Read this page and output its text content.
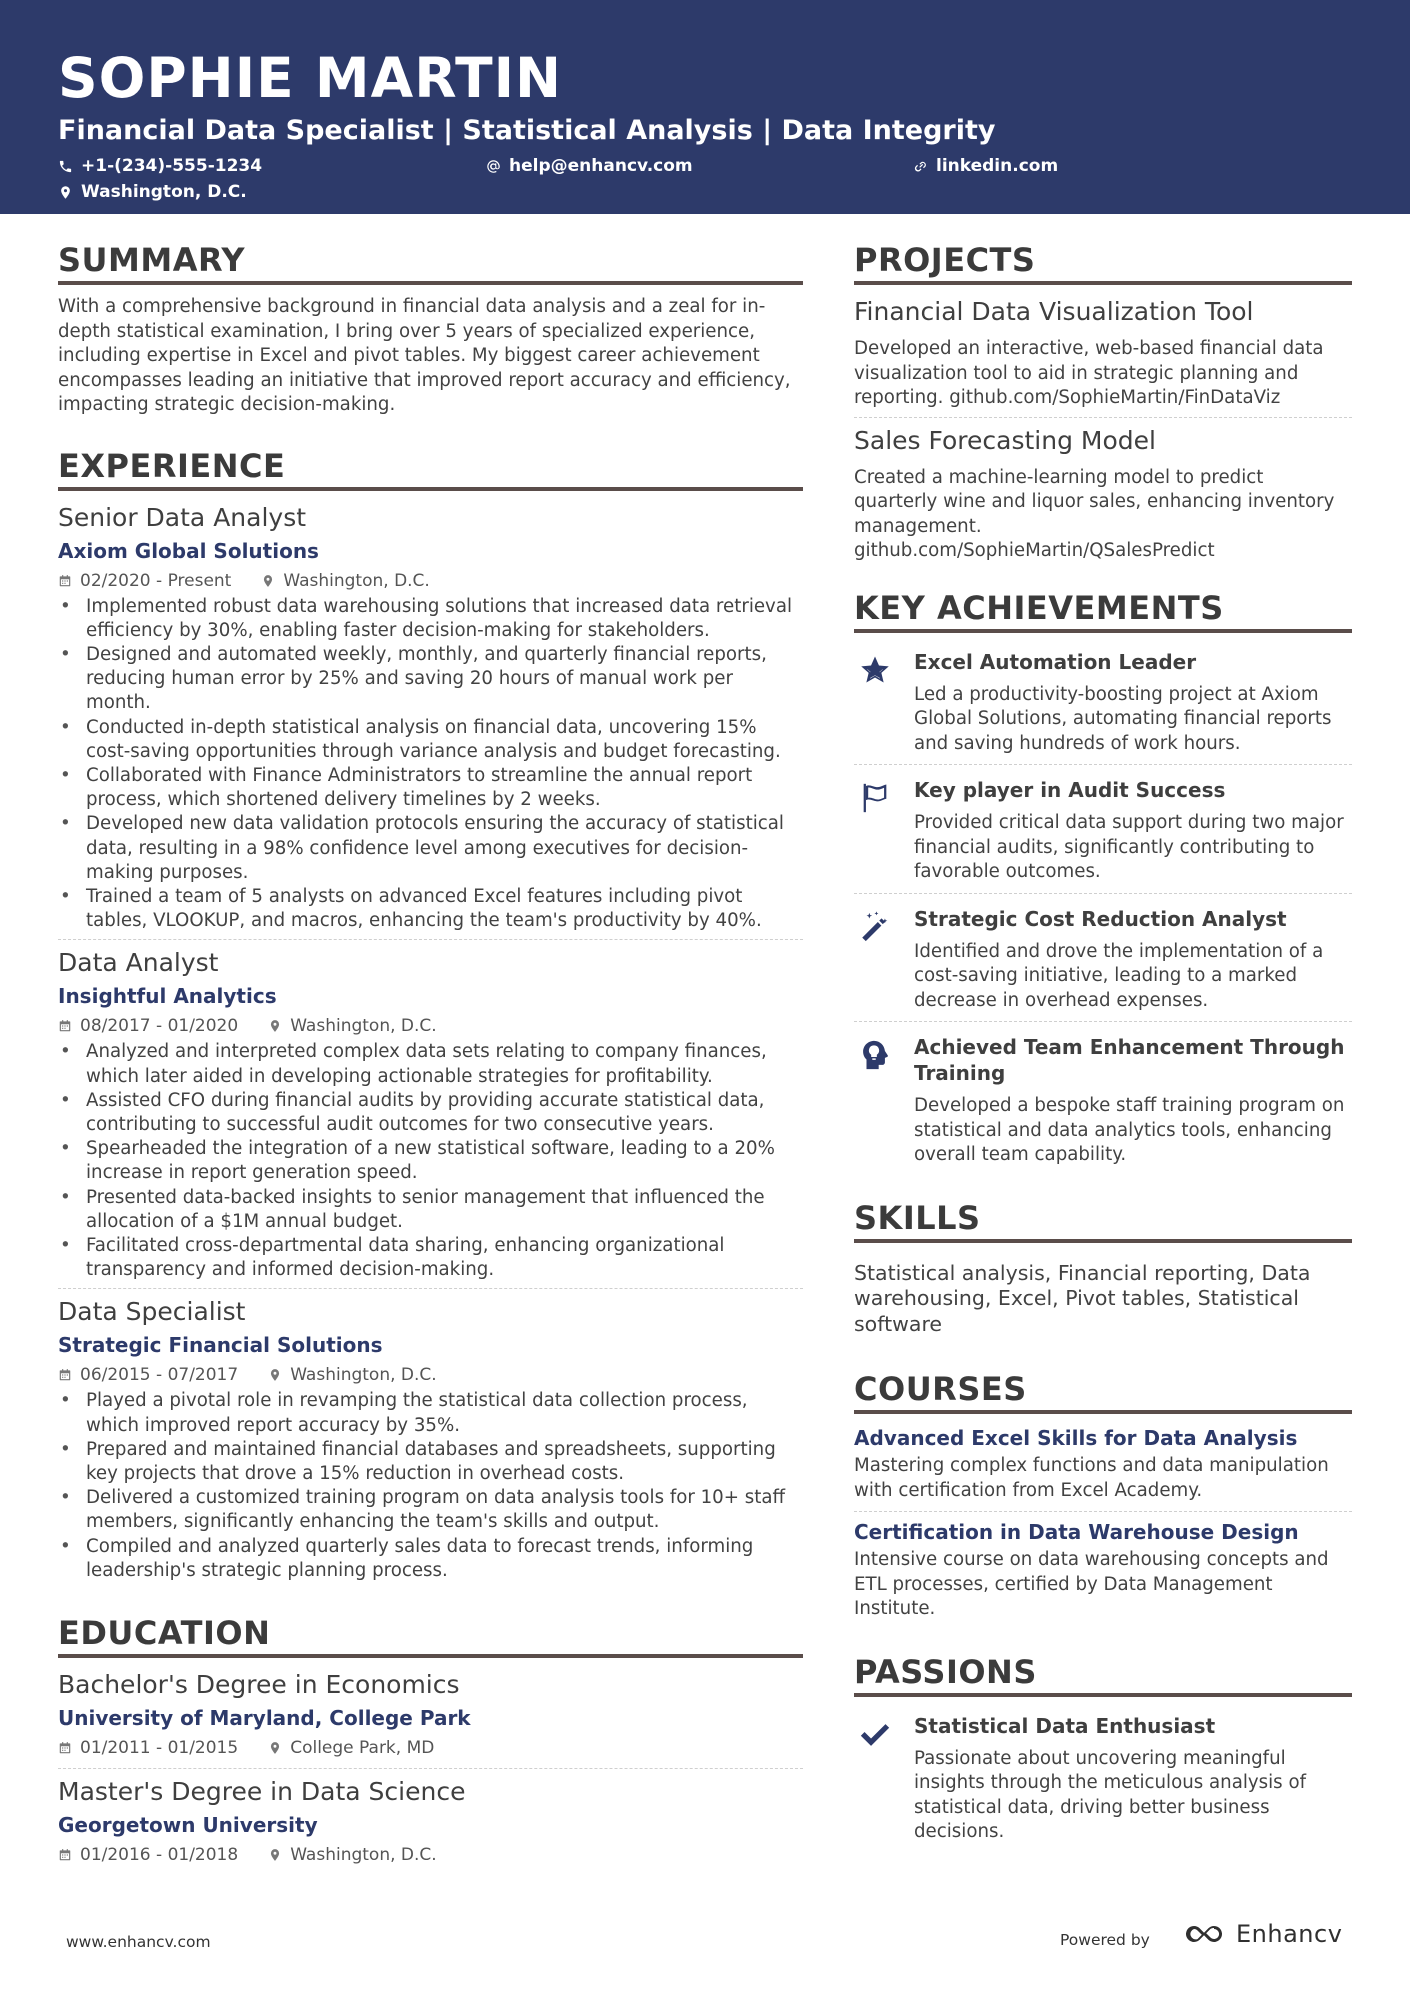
SOPHIE MARTIN
Financial Data Specialist | Statistical Analysis | Data Integrity
+1-(234)-555-1234	help@enhancv.com	linkedin.com
Washington, D.C.
SUMMARY
With a comprehensive background in financial data analysis and a zeal for in-depth statistical examination, I bring over 5 years of specialized experience, including expertise in Excel and pivot tables. My biggest career achievement encompasses leading an initiative that improved report accuracy and efficiency, impacting strategic decision-making.
EXPERIENCE
Senior Data Analyst
Axiom Global Solutions
02/2020 - Present	Washington, D.C.
• Implemented robust data warehousing solutions that increased data retrieval efficiency by 30%, enabling faster decision-making for stakeholders.
• Designed and automated weekly, monthly, and quarterly financial reports, reducing human error by 25% and saving 20 hours of manual work per month.
• Conducted in-depth statistical analysis on financial data, uncovering 15% cost-saving opportunities through variance analysis and budget forecasting.
• Collaborated with Finance Administrators to streamline the annual report process, which shortened delivery timelines by 2 weeks.
• Developed new data validation protocols ensuring the accuracy of statistical data, resulting in a 98% confidence level among executives for decision-making purposes.
• Trained a team of 5 analysts on advanced Excel features including pivot tables, VLOOKUP, and macros, enhancing the team's productivity by 40%.
Data Analyst
Insightful Analytics
08/2017 - 01/2020	Washington, D.C.
• Analyzed and interpreted complex data sets relating to company finances, which later aided in developing actionable strategies for profitability.
• Assisted CFO during financial audits by providing accurate statistical data, contributing to successful audit outcomes for two consecutive years.
• Spearheaded the integration of a new statistical software, leading to a 20% increase in report generation speed.
• Presented data-backed insights to senior management that influenced the allocation of a $1M annual budget.
• Facilitated cross-departmental data sharing, enhancing organizational transparency and informed decision-making.
Data Specialist
Strategic Financial Solutions
06/2015 - 07/2017	Washington, D.C.
• Played a pivotal role in revamping the statistical data collection process, which improved report accuracy by 35%.
• Prepared and maintained financial databases and spreadsheets, supporting key projects that drove a 15% reduction in overhead costs.
• Delivered a customized training program on data analysis tools for 10+ staff members, significantly enhancing the team's skills and output.
• Compiled and analyzed quarterly sales data to forecast trends, informing leadership's strategic planning process.
EDUCATION
Bachelor's Degree in Economics
University of Maryland, College Park
01/2011 - 01/2015	College Park, MD
Master's Degree in Data Science
Georgetown University
01/2016 - 01/2018	Washington, D.C.
PROJECTS
Financial Data Visualization Tool
Developed an interactive, web-based financial data visualization tool to aid in strategic planning and reporting. github.com/SophieMartin/FinDataViz
Sales Forecasting Model
Created a machine-learning model to predict quarterly wine and liquor sales, enhancing inventory management.
github.com/SophieMartin/QSalesPredict
KEY ACHIEVEMENTS
Excel Automation Leader
Led a productivity-boosting project at Axiom Global Solutions, automating financial reports and saving hundreds of work hours.
Key player in Audit Success
Provided critical data support during two major financial audits, significantly contributing to favorable outcomes.
Strategic Cost Reduction Analyst
Identified and drove the implementation of a cost-saving initiative, leading to a marked decrease in overhead expenses.
Achieved Team Enhancement Through Training
Developed a bespoke staff training program on statistical and data analytics tools, enhancing overall team capability.
SKILLS
Statistical analysis, Financial reporting, Data warehousing, Excel, Pivot tables, Statistical software
COURSES
Advanced Excel Skills for Data Analysis
Mastering complex functions and data manipulation with certification from Excel Academy.
Certification in Data Warehouse Design
Intensive course on data warehousing concepts and ETL processes, certified by Data Management Institute.
PASSIONS
Statistical Data Enthusiast
Passionate about uncovering meaningful insights through the meticulous analysis of statistical data, driving better business decisions.
www.enhancv.com	Powered by	Enhancv
